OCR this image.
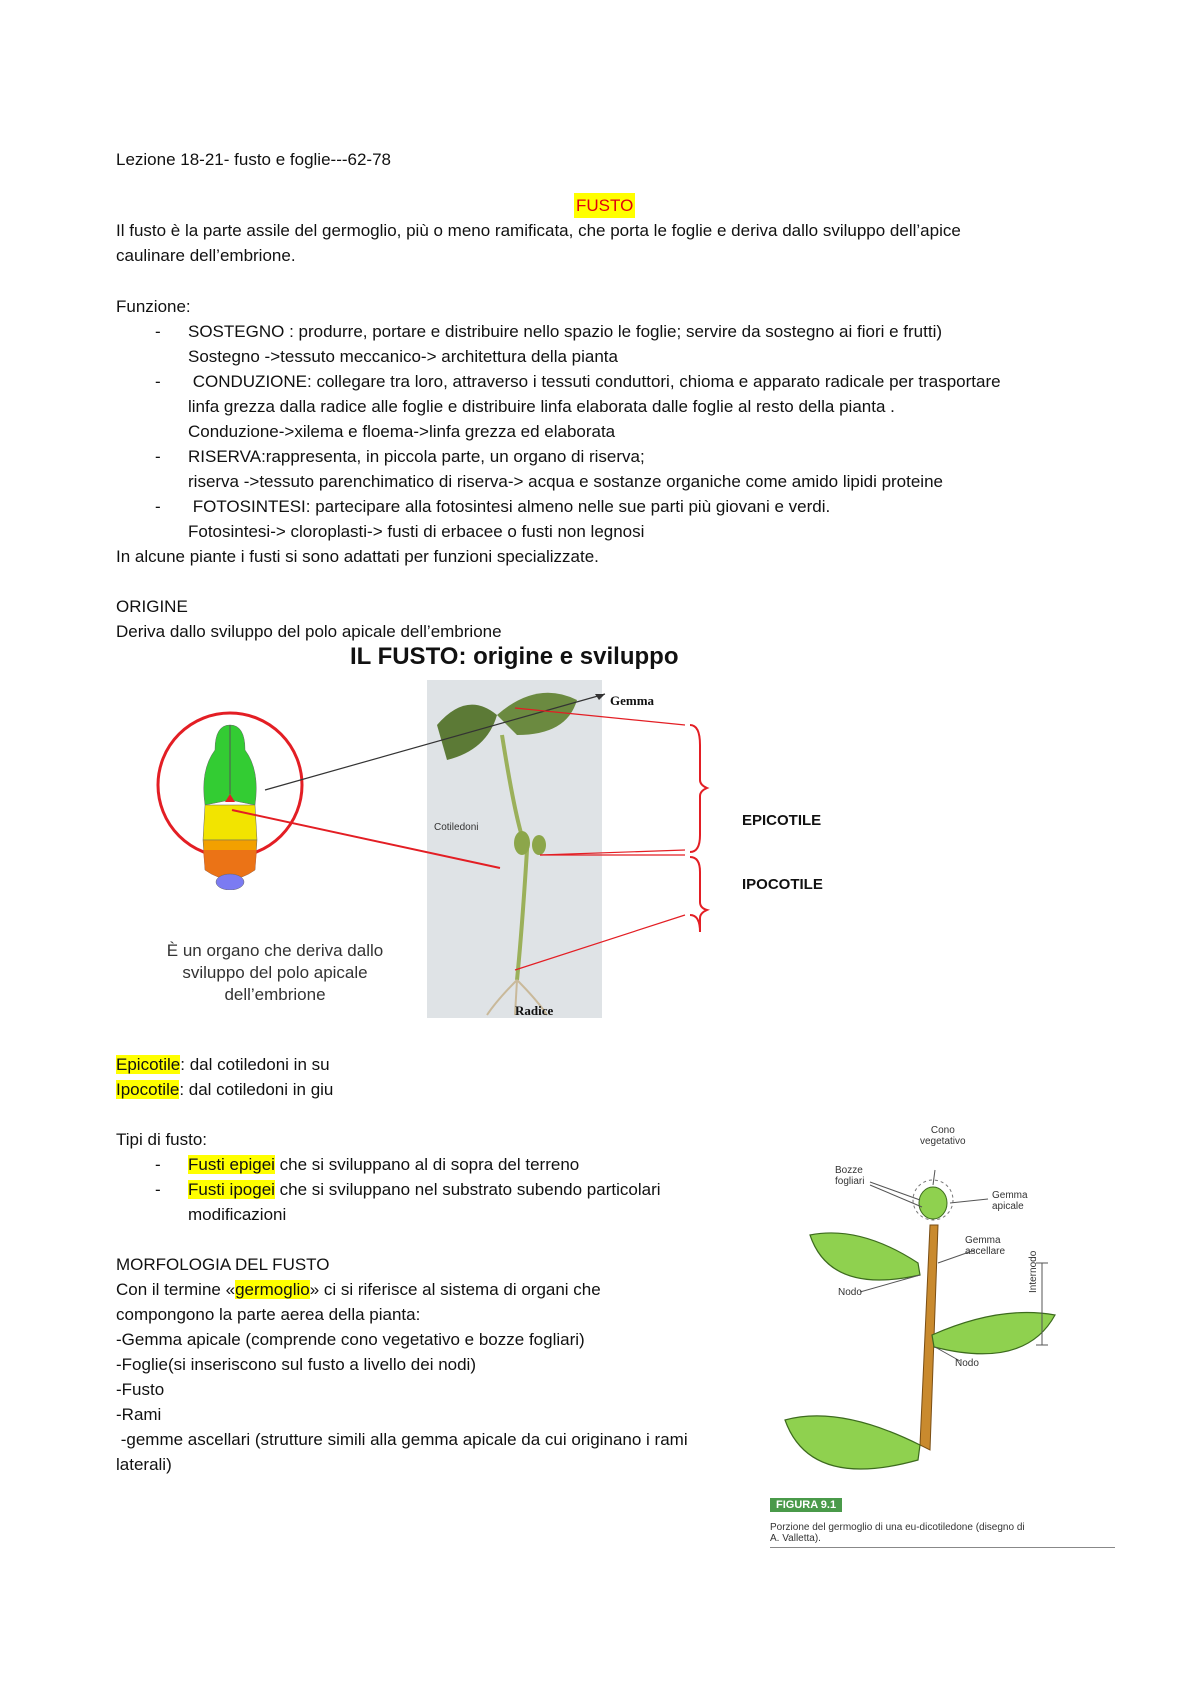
Lezione 18-21- fusto e foglie---62-78
FUSTO
Il fusto è la parte assile del germoglio, più o meno ramificata, che porta le foglie e deriva dallo sviluppo dell’apice
caulinare dell’embrione.
Funzione:
- SOSTEGNO : produrre, portare e distribuire nello spazio le foglie; servire da sostegno ai fiori e frutti)
Sostegno ->tessuto meccanico-> architettura della pianta
- CONDUZIONE: collegare tra loro, attraverso i tessuti conduttori, chioma e apparato radicale per trasportare
linfa grezza dalla radice alle foglie e distribuire linfa elaborata dalle foglie al resto della pianta .
Conduzione->xilema e floema->linfa grezza ed elaborata
- RISERVA:rappresenta, in piccola parte, un organo di riserva;
riserva ->tessuto parenchimatico di riserva-> acqua e sostanze organiche come amido lipidi proteine
- FOTOSINTESI: partecipare alla fotosintesi almeno nelle sue parti più giovani e verdi.
Fotosintesi-> cloroplasti-> fusti di erbacee o fusti non legnosi
In alcune piante i fusti si sono adattati per funzioni specializzate.
ORIGINE
Deriva dallo sviluppo del polo apicale dell’embrione
IL FUSTO: origine e sviluppo
Cotiledoni
Radice
Gemma
EPICOTILE
IPOCOTILE
È un organo che deriva dallo
sviluppo del polo apicale
dell’embrione
Epicotile: dal cotiledoni in su
Ipocotile: dal cotiledoni in giu
Tipi di fusto:
- Fusti epigei che si sviluppano al di sopra del terreno
- Fusti ipogei che si sviluppano nel substrato subendo particolari
modificazioni
MORFOLOGIA DEL FUSTO
Con il termine «germoglio» ci si riferisce al sistema di organi che
compongono la parte aerea della pianta:
-Gemma apicale (comprende cono vegetativo e bozze fogliari)
-Foglie(si inseriscono sul fusto a livello dei nodi)
-Fusto
-Rami
-gemme ascellari (strutture simili alla gemma apicale da cui originano i rami
laterali)
Cono
vegetativo
Bozze
fogliari
Gemma
apicale
Gemma
ascellare
Nodo
Nodo
Internodo
FIGURA 9.1
Porzione del germoglio di una eu-dicotiledone (disegno di
A. Valletta).
